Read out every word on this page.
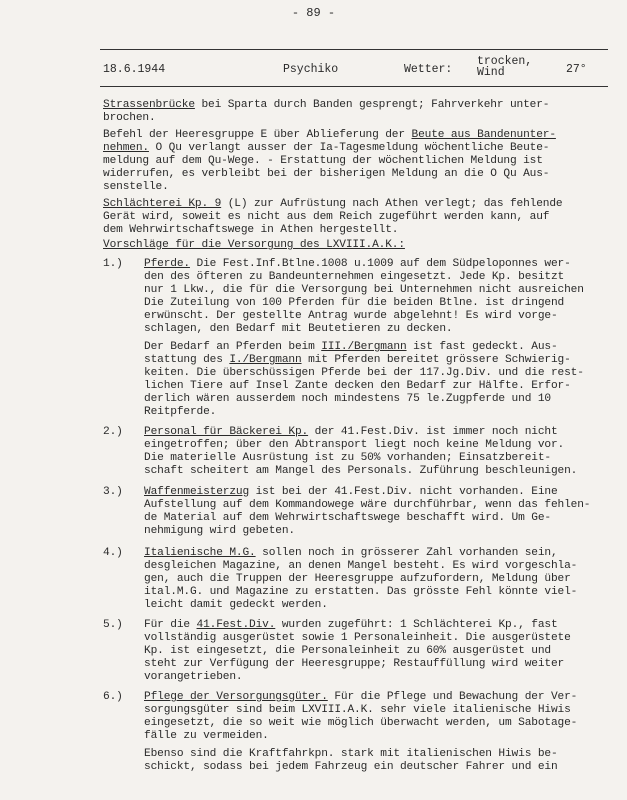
- 89 -
18.6.1944	Psychiko	Wetter:
trocken,
Wind	27°
Strassenbrücke bei Sparta durch Banden gesprengt; Fahrverkehr unter-
brochen.
Befehl der Heeresgruppe E über Ablieferung der Beute aus Bandenunter-
nehmen. O Qu verlangt ausser der Ia-Tagesmeldung wöchentliche Beute-
meldung auf dem Qu-Wege. - Erstattung der wöchentlichen Meldung ist
widerrufen, es verbleibt bei der bisherigen Meldung an die O Qu Aus-
senstelle.
Schlächterei Kp. 9 (L) zur Aufrüstung nach Athen verlegt; das fehlende
Gerät wird, soweit es nicht aus dem Reich zugeführt werden kann, auf
dem Wehrwirtschaftswege in Athen hergestellt.
Vorschläge für die Versorgung des LXVIII.A.K.:
1.) Pferde. Die Fest.Inf.Btlne.1008 u.1009 auf dem Südpeloponnes wer-
den des öfteren zu Bandeunternehmen eingesetzt. Jede Kp. besitzt
nur 1 Lkw., die für die Versorgung bei Unternehmen nicht ausreichen
Die Zuteilung von 100 Pferden für die beiden Btlne. ist dringend
erwünscht. Der gestellte Antrag wurde abgelehnt! Es wird vorge-
schlagen, den Bedarf mit Beutetieren zu decken.
Der Bedarf an Pferden beim III./Bergmann ist fast gedeckt. Aus-
stattung des I./Bergmann mit Pferden bereitet grössere Schwierig-
keiten. Die überschüssigen Pferde bei der 117.Jg.Div. und die rest-
lichen Tiere auf Insel Zante decken den Bedarf zur Hälfte. Erfor-
derlich wären ausserdem noch mindestens 75 le.Zugpferde und 10
Reitpferde.
2.) Personal für Bäckerei Kp. der 41.Fest.Div. ist immer noch nicht
eingetroffen; über den Abtransport liegt noch keine Meldung vor.
Die materielle Ausrüstung ist zu 50% vorhanden; Einsatzbereit-
schaft scheitert am Mangel des Personals. Zuführung beschleunigen.
3.) Waffenmeisterzug ist bei der 41.Fest.Div. nicht vorhanden. Eine
Aufstellung auf dem Kommandowege wäre durchführbar, wenn das fehlen-
de Material auf dem Wehrwirtschaftswege beschafft wird. Um Ge-
nehmigung wird gebeten.
4.) Italienische M.G. sollen noch in grösserer Zahl vorhanden sein,
desgleichen Magazine, an denen Mangel besteht. Es wird vorgeschla-
gen, auch die Truppen der Heeresgruppe aufzufordern, Meldung über
ital.M.G. und Magazine zu erstatten. Das grösste Fehl könnte viel-
leicht damit gedeckt werden.
5.) Für die 41.Fest.Div. wurden zugeführt: 1 Schlächterei Kp., fast
vollständig ausgerüstet sowie 1 Personaleinheit. Die ausgerüstete
Kp. ist eingesetzt, die Personaleinheit zu 60% ausgerüstet und
steht zur Verfügung der Heeresgruppe; Restauffüllung wird weiter
vorangetrieben.
6.) Pflege der Versorgungsgüter. Für die Pflege und Bewachung der Ver-
sorgungsgüter sind beim LXVIII.A.K. sehr viele italienische Hiwis
eingesetzt, die so weit wie möglich überwacht werden, um Sabotage-
fälle zu vermeiden.
Ebenso sind die Kraftfahrkpn. stark mit italienischen Hiwis be-
schickt, sodass bei jedem Fahrzeug ein deutscher Fahrer und ein
